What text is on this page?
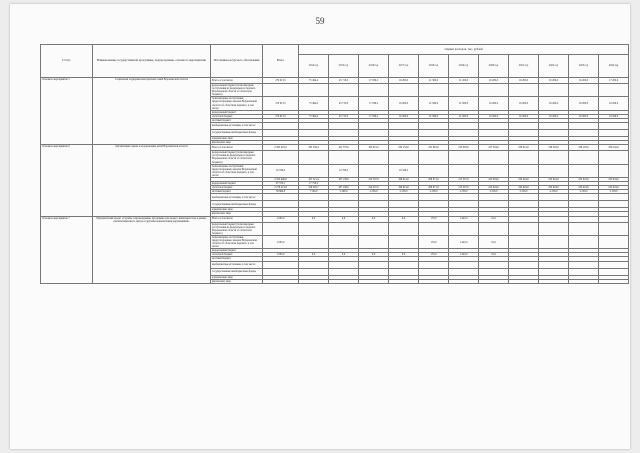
59
Статус	Наименование государственной программы, подпрограммы, основного мероприятия	Источники ресурсного обеспечения	Всего	Оценка расходов, тыс. рублей										
				2014 год	2015 год	2016 год	2017 год	2018 год	2019 год	2020 год	2021 год	2022 год	2023 год	2024 год
Основное мероприятие 5	Социальная поддержка многодетных семей Воронежской области	Всего, в том числе:	270 013,5	75 494,4	45 713,0	17 036,2	16 200,0	21 560,0	21 200,0	16 200,0	16 200,0	16 200,0	16 200,0	17 200,0
		федеральный бюджет (безвозмездные поступления из федерального бюджета Воронежской области об областном бюджете)												
		безвозмездные поступления, предусмотренные законом Воронежской области об областном бюджете, в том числе:	270 013,5	75 494,4	45 713,0	17 036,2	16 200,0	21 560,0	21 200,0	16 200,0	16 200,0	16 200,0	16 200,0	16 200,0
		федеральный бюджет												
		областной бюджет	270 013,5	75 494,4	45 713,0	17 036,2	16 200,0	21 560,0	21 200,0	16 200,0	16 200,0	16 200,0	16 200,0	16 200,0
		местный бюджет												
		внебюджетные источники, в том числе:												
		государственные внебюджетные фонды												
		юридические лица												
		физические лица												
Основное мероприятие 6	Организация отдыха и оздоровления детей Воронежской области	Всего, в том числе:	2 393 023,2	185 536,4	191 770,0	183 821,2	232 152,0	231 891,0	235 093,0	237 304,0	236 912,0	236 302,0	236 102,0	236 102,0
		федеральный бюджет (безвозмездные поступления из федерального бюджета Воронежской области об областном бюджете)												
		безвозмездные поступления, предусмотренные законом Воронежской области об областном бюджете, в том числе:	32 199,0		12 783,0		19 416,2							
			2 325 946,6	167 321,4	187 138,0	154 307,0	198 914,0	206 871,0	215 307,0	223 904,0	232 924,0	232 924,0	232 924,0	232 924,0
		федеральный бюджет	67 576,1	17 758,2										
		областной бюджет	2 278 213,8	159 495,7	187 138,0	154 307,0	198 914,0	206 871,0	215 307,0	223 904,0	232 924,0	232 924,0	232 924,0	232 924,0
		местный бюджет	59 864,8	7 504,0	2 298,0	2 258,0	2 258,0	2 258,0	2 258,0	2 258,0	2 258,0	2 258,0	2 258,0	2 258,0
		внебюджетные источники, в том числе:												
		государственные внебюджетные фонды												
		юридические лица												
		физические лица												
Основное мероприятие 7	Приоритетный проект «Службы сопровождения» программы для людей с инвалидностью в рамках реабилитационного центра и другими психическими нарушениями»	Всего, в том числе:	1 605,0	0,0	0,0	0,0	0,0	170,0	1 445,0	10,0				
		федеральный бюджет (безвозмездные поступления из федерального бюджета Воронежской области об областном бюджете)												
		безвозмездные поступления, предусмотренные законом Воронежской области об областном бюджете, в том числе:	1 605,0					170,0	1 445,0	10,0				
		федеральный бюджет												
		областной бюджет	1 605,0	0,0	0,0	0,0	0,0	170,0	1 445,0	10,0				
		местный бюджет												
		внебюджетные источники, в том числе:												
		государственные внебюджетные фонды												
		юридические лица												
		физические лица												
